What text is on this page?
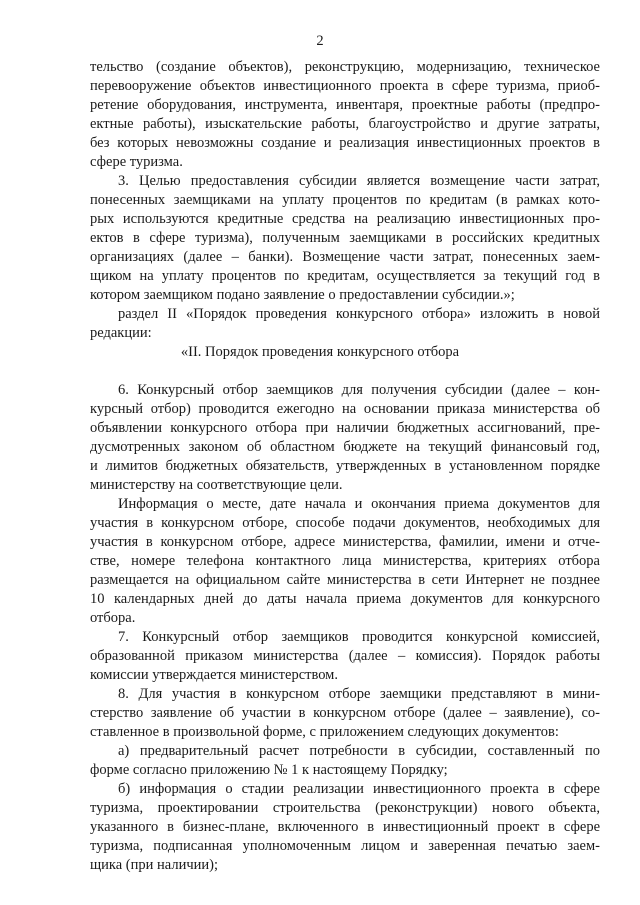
2
тельство (создание объектов), реконструкцию, модернизацию, техническое
перевооружение объектов инвестиционного проекта в сфере туризма, приоб-
ретение оборудования, инструмента, инвентаря, проектные работы (предпро-
ектные работы), изыскательские работы, благоустройство и другие затраты,
без которых невозможны создание и реализация инвестиционных проектов в
сфере туризма.
3. Целью предоставления субсидии является возмещение части затрат,
понесенных заемщиками на уплату процентов по кредитам (в рамках кото-
рых используются кредитные средства на реализацию инвестиционных про-
ектов в сфере туризма), полученным заемщиками в российских кредитных
организациях (далее – банки). Возмещение части затрат, понесенных заем-
щиком на уплату процентов по кредитам, осуществляется за текущий год в
котором заемщиком подано заявление о предоставлении субсидии.»;
раздел II «Порядок проведения конкурсного отбора» изложить в новой
редакции:
«II. Порядок проведения конкурсного отбора
6. Конкурсный отбор заемщиков для получения субсидии (далее – кон-
курсный отбор) проводится ежегодно на основании приказа министерства об
объявлении конкурсного отбора при наличии бюджетных ассигнований, пре-
дусмотренных законом об областном бюджете на текущий финансовый год,
и лимитов бюджетных обязательств, утвержденных в установленном порядке
министерству на соответствующие цели.
Информация о месте, дате начала и окончания приема документов для
участия в конкурсном отборе, способе подачи документов, необходимых для
участия в конкурсном отборе, адресе министерства, фамилии, имени и отче-
стве, номере телефона контактного лица министерства, критериях отбора
размещается на официальном сайте министерства в сети Интернет не позднее
10 календарных дней до даты начала приема документов для конкурсного
отбора.
7. Конкурсный отбор заемщиков проводится конкурсной комиссией,
образованной приказом министерства (далее – комиссия). Порядок работы
комиссии утверждается министерством.
8. Для участия в конкурсном отборе заемщики представляют в мини-
стерство заявление об участии в конкурсном отборе (далее – заявление), со-
ставленное в произвольной форме, с приложением следующих документов:
а) предварительный расчет потребности в субсидии, составленный по
форме согласно приложению № 1 к настоящему Порядку;
б) информация о стадии реализации инвестиционного проекта в сфере
туризма, проектировании строительства (реконструкции) нового объекта,
указанного в бизнес-плане, включенного в инвестиционный проект в сфере
туризма, подписанная уполномоченным лицом и заверенная печатью заем-
щика (при наличии);
